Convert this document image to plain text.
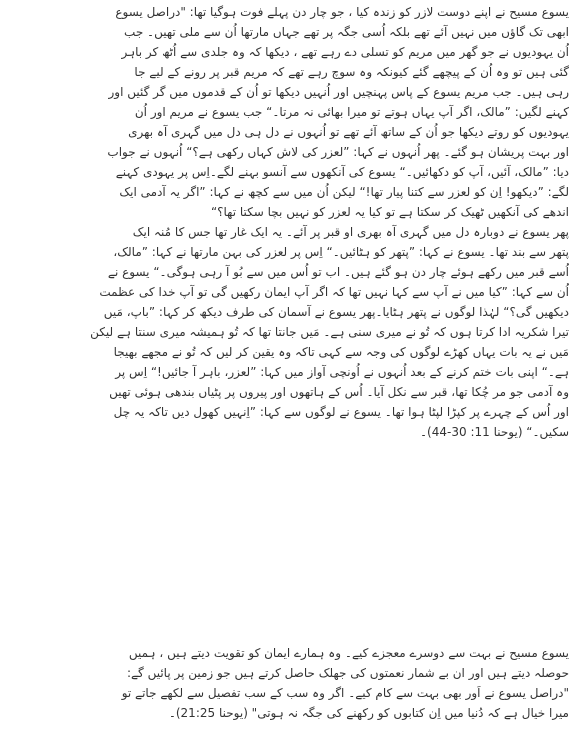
یسوع مسیح نے اپنے دوست لازر کو زندہ کیا ، جو چار دن پہلے فوت ہوگیا تھا: "دراصل یسوع
ابھی تک گاؤں میں نہیں آئے تھے بلکہ اُسی جگہ پر تھے جہاں مارتھا اُن سے ملی تھیں۔ جب
اُن یہودیوں نے جو گھر میں مریم کو تسلی دے رہے تھے ، دیکھا کہ وہ جلدی سے اُٹھ کر باہر
گئی ہیں تو وہ اُن کے پیچھے گئے کیونکہ وہ سوچ رہے تھے کہ مریم قبر پر رونے کے لیے جا
رہی ہیں۔ جب مریم یسوع کے پاس پہنچیں اور اُنہیں دیکھا تو اُن کے قدموں میں گر گئیں اور
کہنے لگیں: ”مالک، اگر آپ یہاں ہوتے تو میرا بھائی نہ مرتا۔“ جب یسوع نے مریم اور اُن
یہودیوں کو روتے دیکھا جو اُن کے ساتھ آئے تھے تو اُنہوں نے دل ہی دل میں گہری آہ بھری
اور بہت پریشان ہو گئے۔ پھر اُنہوں نے کہا: ”لعزر کی لاش کہاں رکھی ہے؟“ اُنہوں نے جواب
دیا: ”مالک، آئیں، آپ کو دکھائیں۔“ یسوع کی آنکھوں سے آنسو بہنے لگے۔اِس پر یہودی کہنے
لگے: ”دیکھو! اِن کو لعزر سے کتنا پیار تھا!“ لیکن اُن میں سے کچھ نے کہا: ”اگر یہ آدمی ایک
اندھے کی آنکھیں ٹھیک کر سکتا ہے تو کیا یہ لعزر کو نہیں بچا سکتا تھا؟“
پھر یسوع نے دوبارہ دل میں گہری آہ بھری او قبر پر آئے۔ یہ ایک غار تھا جس کا مُنہ ایک
پتھر سے بند تھا۔ یسوع نے کہا: ”پتھر کو ہٹائیں۔“ اِس پر لعزر کی بہن مارتھا نے کہا: ”مالک،
اُسے قبر میں رکھے ہوئے چار دن ہو گئے ہیں۔ اب تو اُس میں سے بُو آ رہی ہوگی۔“ یسوع نے
اُن سے کہا: ”کیا میں نے آپ سے کہا نہیں تھا کہ اگر آپ ایمان رکھیں گی تو آپ خدا کی عظمت
دیکھیں گی؟“ لہٰذا لوگوں نے پتھر ہٹایا۔پھر یسوع نے آسمان کی طرف دیکھ کر کہا: ”باپ، مَیں
تیرا شکریہ ادا کرتا ہوں کہ تُو نے میری سنی ہے۔ مَیں جانتا تھا کہ تُو ہمیشہ میری سنتا ہے لیکن
مَیں نے یہ بات یہاں کھڑے لوگوں کی وجہ سے کہی تاکہ وہ یقین کر لیں کہ تُو نے مجھے بھیجا
ہے۔“ اپنی بات ختم کرنے کے بعد اُنہوں نے اُونچی آواز میں کہا: ”لعزر، باہر آ جائیں!“ اِس پر
وہ آدمی جو مر چُکا تھا، قبر سے نکل آیا۔ اُس کے ہاتھوں اور پیروں پر پٹیاں بندھی ہوئی تھیں
اور اُس کے چہرے پر کپڑا لپٹا ہوا تھا۔ یسوع نے لوگوں سے کہا: ”اِنہیں کھول دیں تاکہ یہ چل
سکیں۔“ (یوحنا 11: 30-44)۔
یسوع مسیح نے بہت سے دوسرے معجزے کیے۔ وہ ہمارے ایمان کو تقویت دیتے ہیں ، ہمیں
حوصلہ دیتے ہیں اور ان بے شمار نعمتوں کی جھلک حاصل کرتے ہیں جو زمین پر پائیں گے:
"دراصل یسوع نے اَور بھی بہت سے کام کیے۔ اگر وہ سب کے سب تفصیل سے لکھے جاتے تو
میرا خیال ہے کہ دُنیا میں اِن کتابوں کو رکھنے کی جگہ نہ ہوتی" (یوحنا 21:25)۔
